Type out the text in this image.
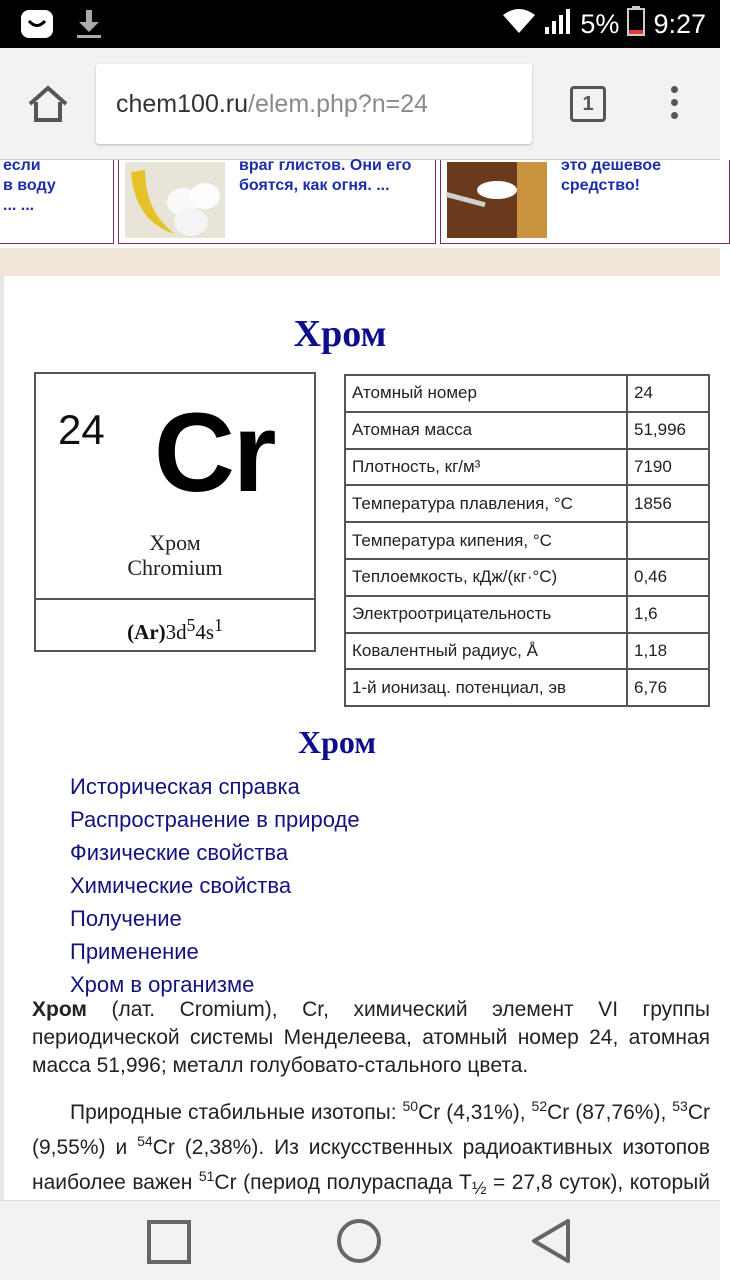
5% 9:27
chem100.ru/elem.php?n=24	1
если
в воду
... ...
враг глистов. Они его
боятся, как огня. ...
это дешевое
средство!
Хром
24 Cr
Хром
Chromium
$(Ar)3d^54s^1$
Атомный номер	24
Атомная масса	51,996
Плотность, кг/м³	7190
Температура плавления, °С	1856
Температура кипения, °С	
Теплоемкость, кДж/(кг·°С)	0,46
Электроотрицательность	1,6
Ковалентный радиус, Å	1,18
1-й ионизац. потенциал, эв	6,76
Хром
Историческая справка
Распространение в природе
Физические свойства
Химические свойства
Получение
Применение
Хром в организме

Хром (лат. Cromium), Cr, химический элемент VI группы периодической системы Менделеева, атомный номер 24, атомная масса 51,996; металл голубовато-стального цвета.

Природные стабильные изотопы: $^{50}$Cr (4,31%), $^{52}$Cr (87,76%), $^{53}$Cr (9,55%) и $^{54}$Cr (2,38%). Из искусственных радиоактивных изотопов наиболее важен $^{51}$Cr (период полураспада $T_{\frac{1}{2}} = 27,8$ суток), который
